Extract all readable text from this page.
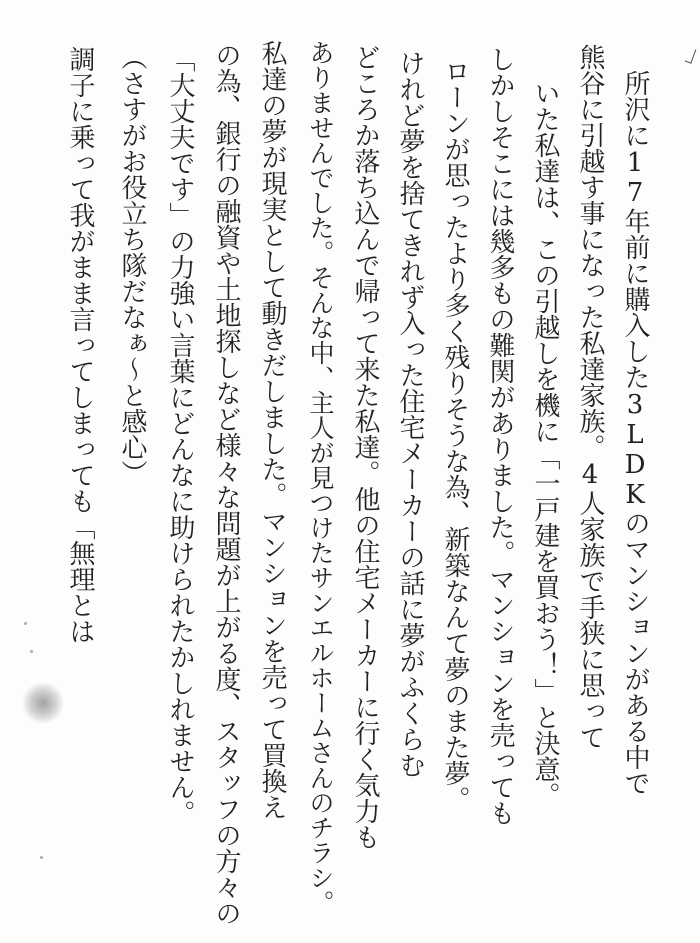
所沢に17年前に購入した3LDKのマンションがある中で
熊谷に引越す事になった私達家族。4人家族で手狭に思って
いた私達は、この引越しを機に「一戸建を買おう！」と決意。
しかしそこには幾多もの難関がありました。マンションを売っても
ローンが思ったより多く残りそうな為、新築なんて夢のまた夢。
けれど夢を捨てきれず入った住宅メーカーの話に夢がふくらむ
どころか落ち込んで帰って来た私達。他の住宅メーカーに行く気力も
ありませんでした。そんな中、主人が見つけたサンエルホームさんのチラシ。
私達の夢が現実として動きだしました。マンションを売って買換え
の為、銀行の融資や土地探しなど様々な問題が上がる度、スタッフの方々の
「大丈夫です」の力強い言葉にどんなに助けられたかしれません。
（さすがお役立ち隊だなぁ〜と感心）
調子に乗って我がまま言ってしまっても「無理とは
